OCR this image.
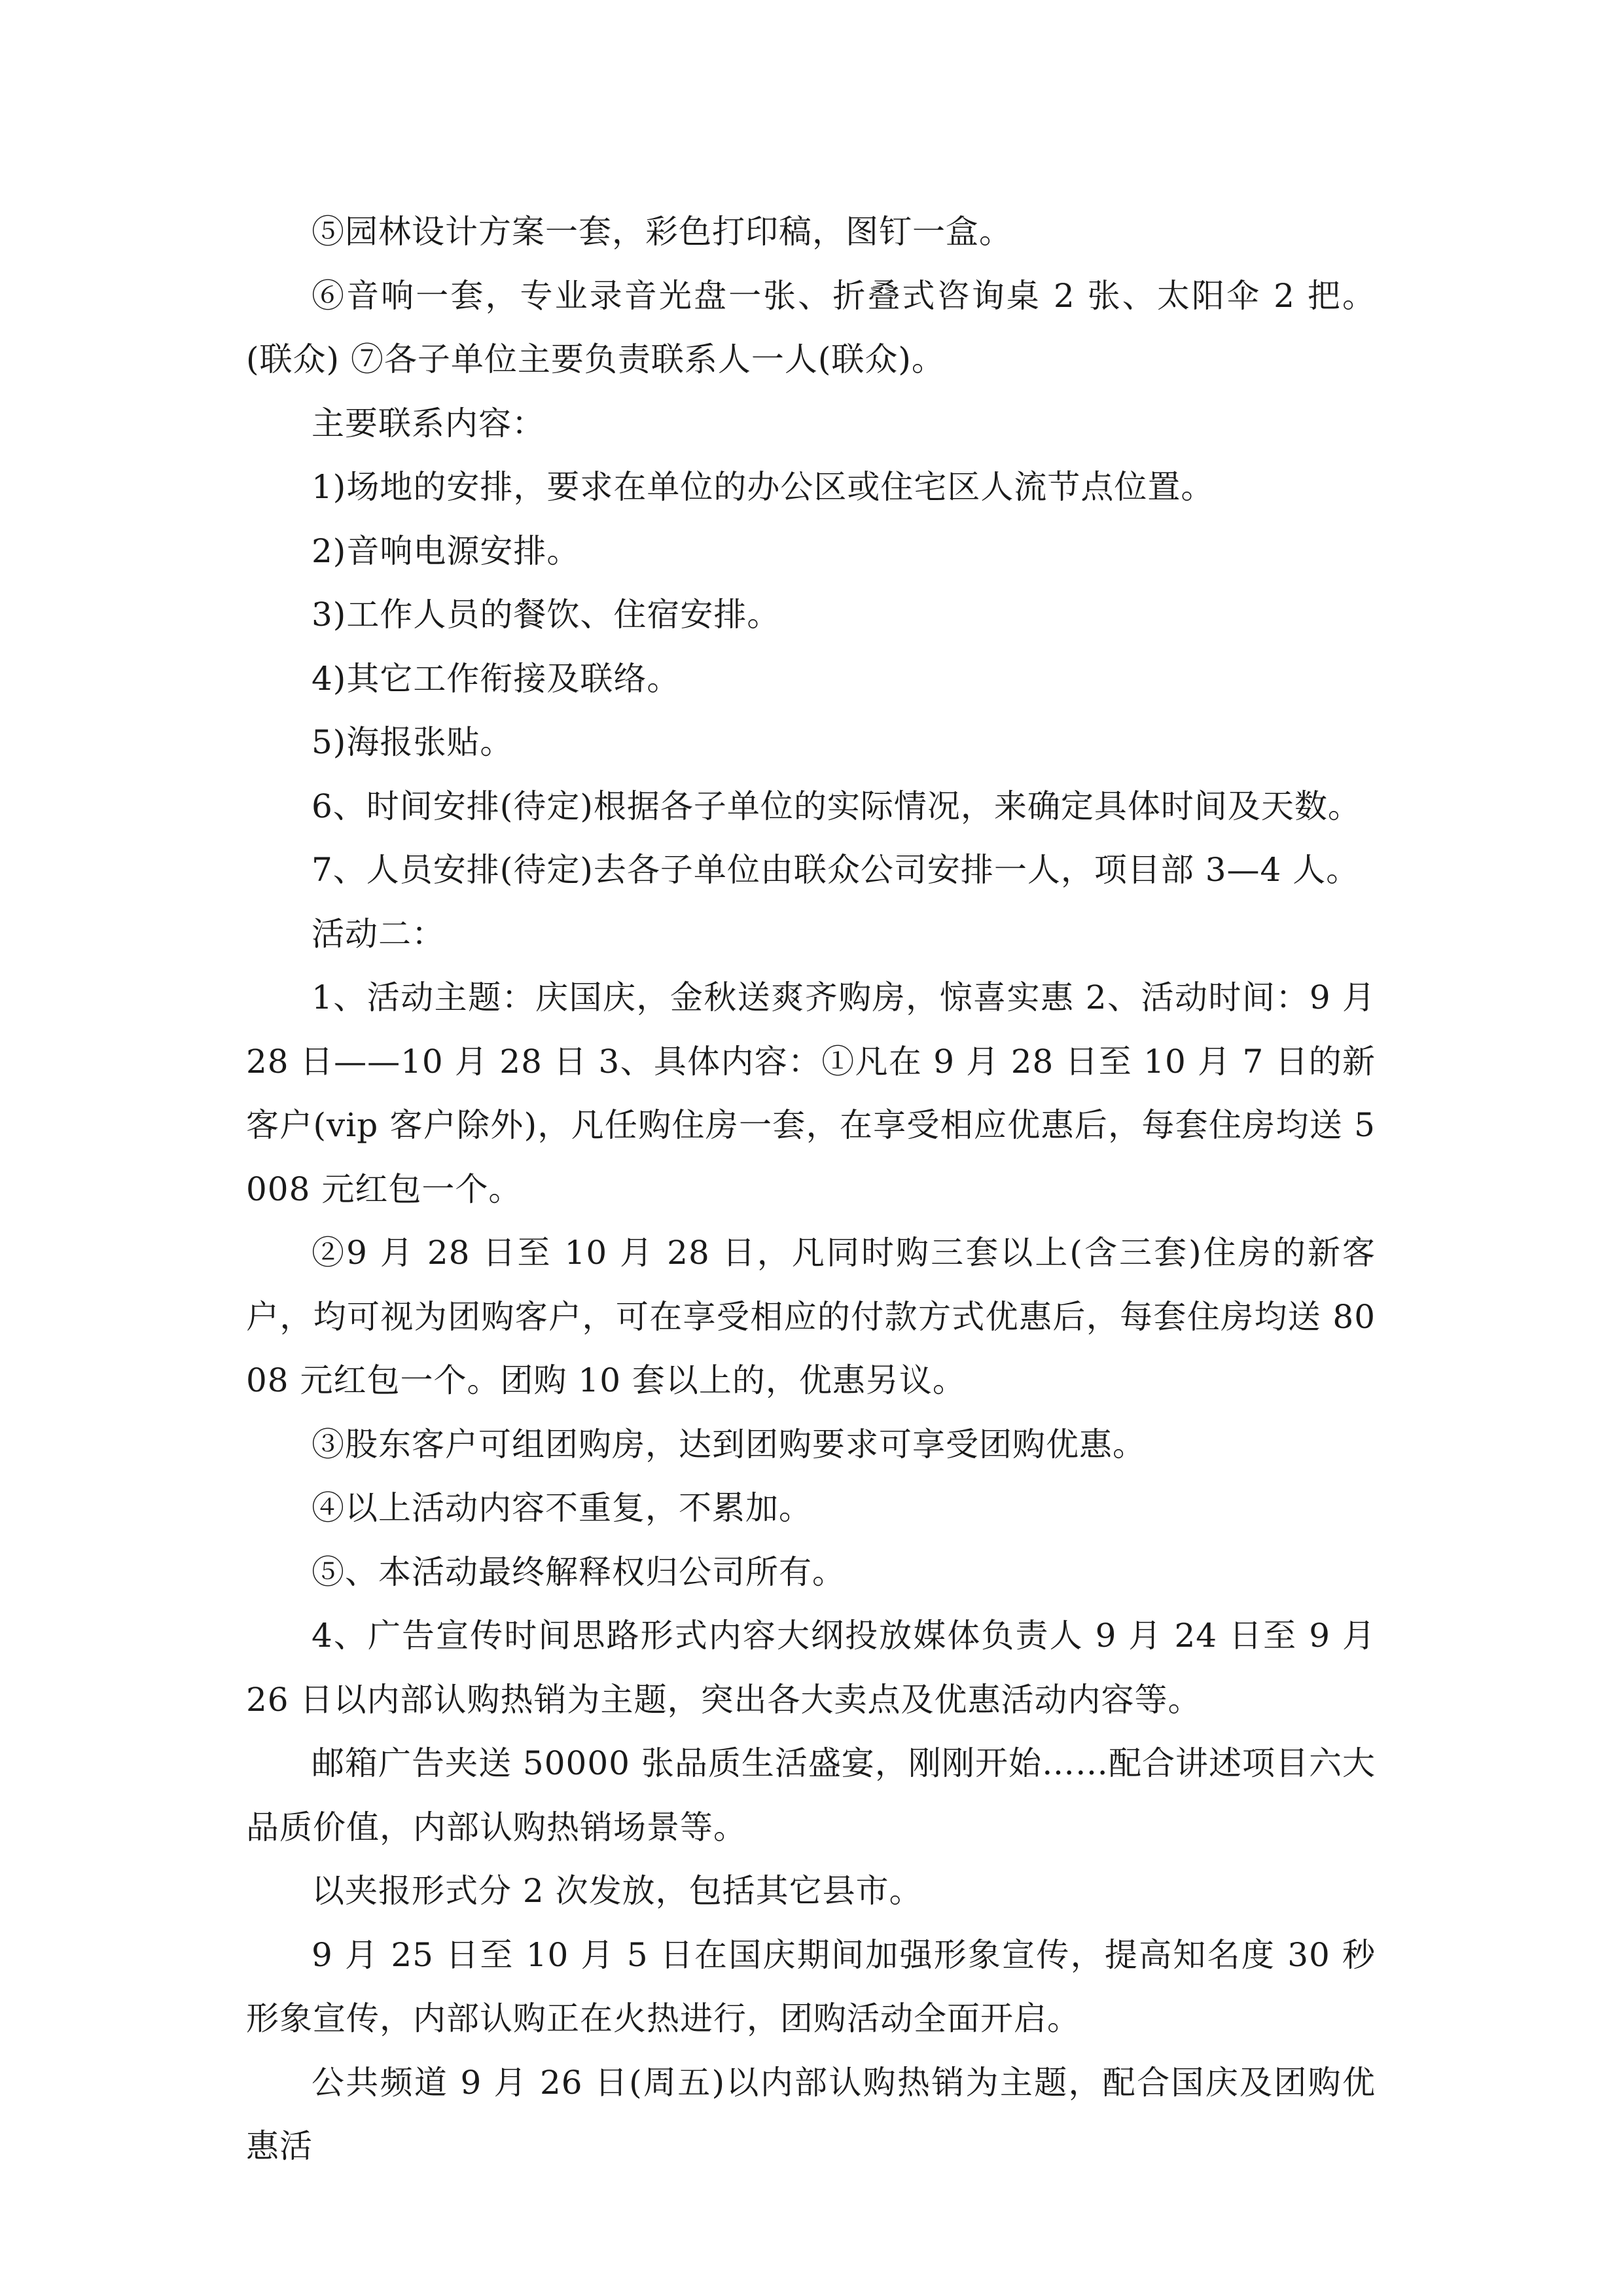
⑤园林设计方案一套，彩色打印稿，图钉一盒。

⑥音响一套，专业录音光盘一张、折叠式咨询桌 2 张、太阳伞 2 把。(联众) ⑦各子单位主要负责联系人一人(联众)。

主要联系内容：

1)场地的安排，要求在单位的办公区或住宅区人流节点位置。

2)音响电源安排。

3)工作人员的餐饮、住宿安排。

4)其它工作衔接及联络。

5)海报张贴。

6、时间安排(待定)根据各子单位的实际情况，来确定具体时间及天数。

7、人员安排(待定)去各子单位由联众公司安排一人，项目部 3—4 人。

活动二：

1、活动主题：庆国庆，金秋送爽齐购房，惊喜实惠 2、活动时间：9 月 28 日——10 月 28 日 3、具体内容：①凡在 9 月 28 日至 10 月 7 日的新客户(vip 客户除外)，凡任购住房一套，在享受相应优惠后，每套住房均送 5008 元红包一个。

②9 月 28 日至 10 月 28 日，凡同时购三套以上(含三套)住房的新客户，均可视为团购客户，可在享受相应的付款方式优惠后，每套住房均送 8008 元红包一个。团购 10 套以上的，优惠另议。

③股东客户可组团购房，达到团购要求可享受团购优惠。

④以上活动内容不重复，不累加。

⑤、本活动最终解释权归公司所有。

4、广告宣传时间思路形式内容大纲投放媒体负责人 9 月 24 日至 9 月 26 日以内部认购热销为主题，突出各大卖点及优惠活动内容等。

邮箱广告夹送 50000 张品质生活盛宴，刚刚开始……配合讲述项目六大品质价值，内部认购热销场景等。

以夹报形式分 2 次发放，包括其它县市。

9 月 25 日至 10 月 5 日在国庆期间加强形象宣传，提高知名度 30 秒形象宣传，内部认购正在火热进行，团购活动全面开启。

公共频道 9 月 26 日(周五)以内部认购热销为主题，配合国庆及团购优惠活
